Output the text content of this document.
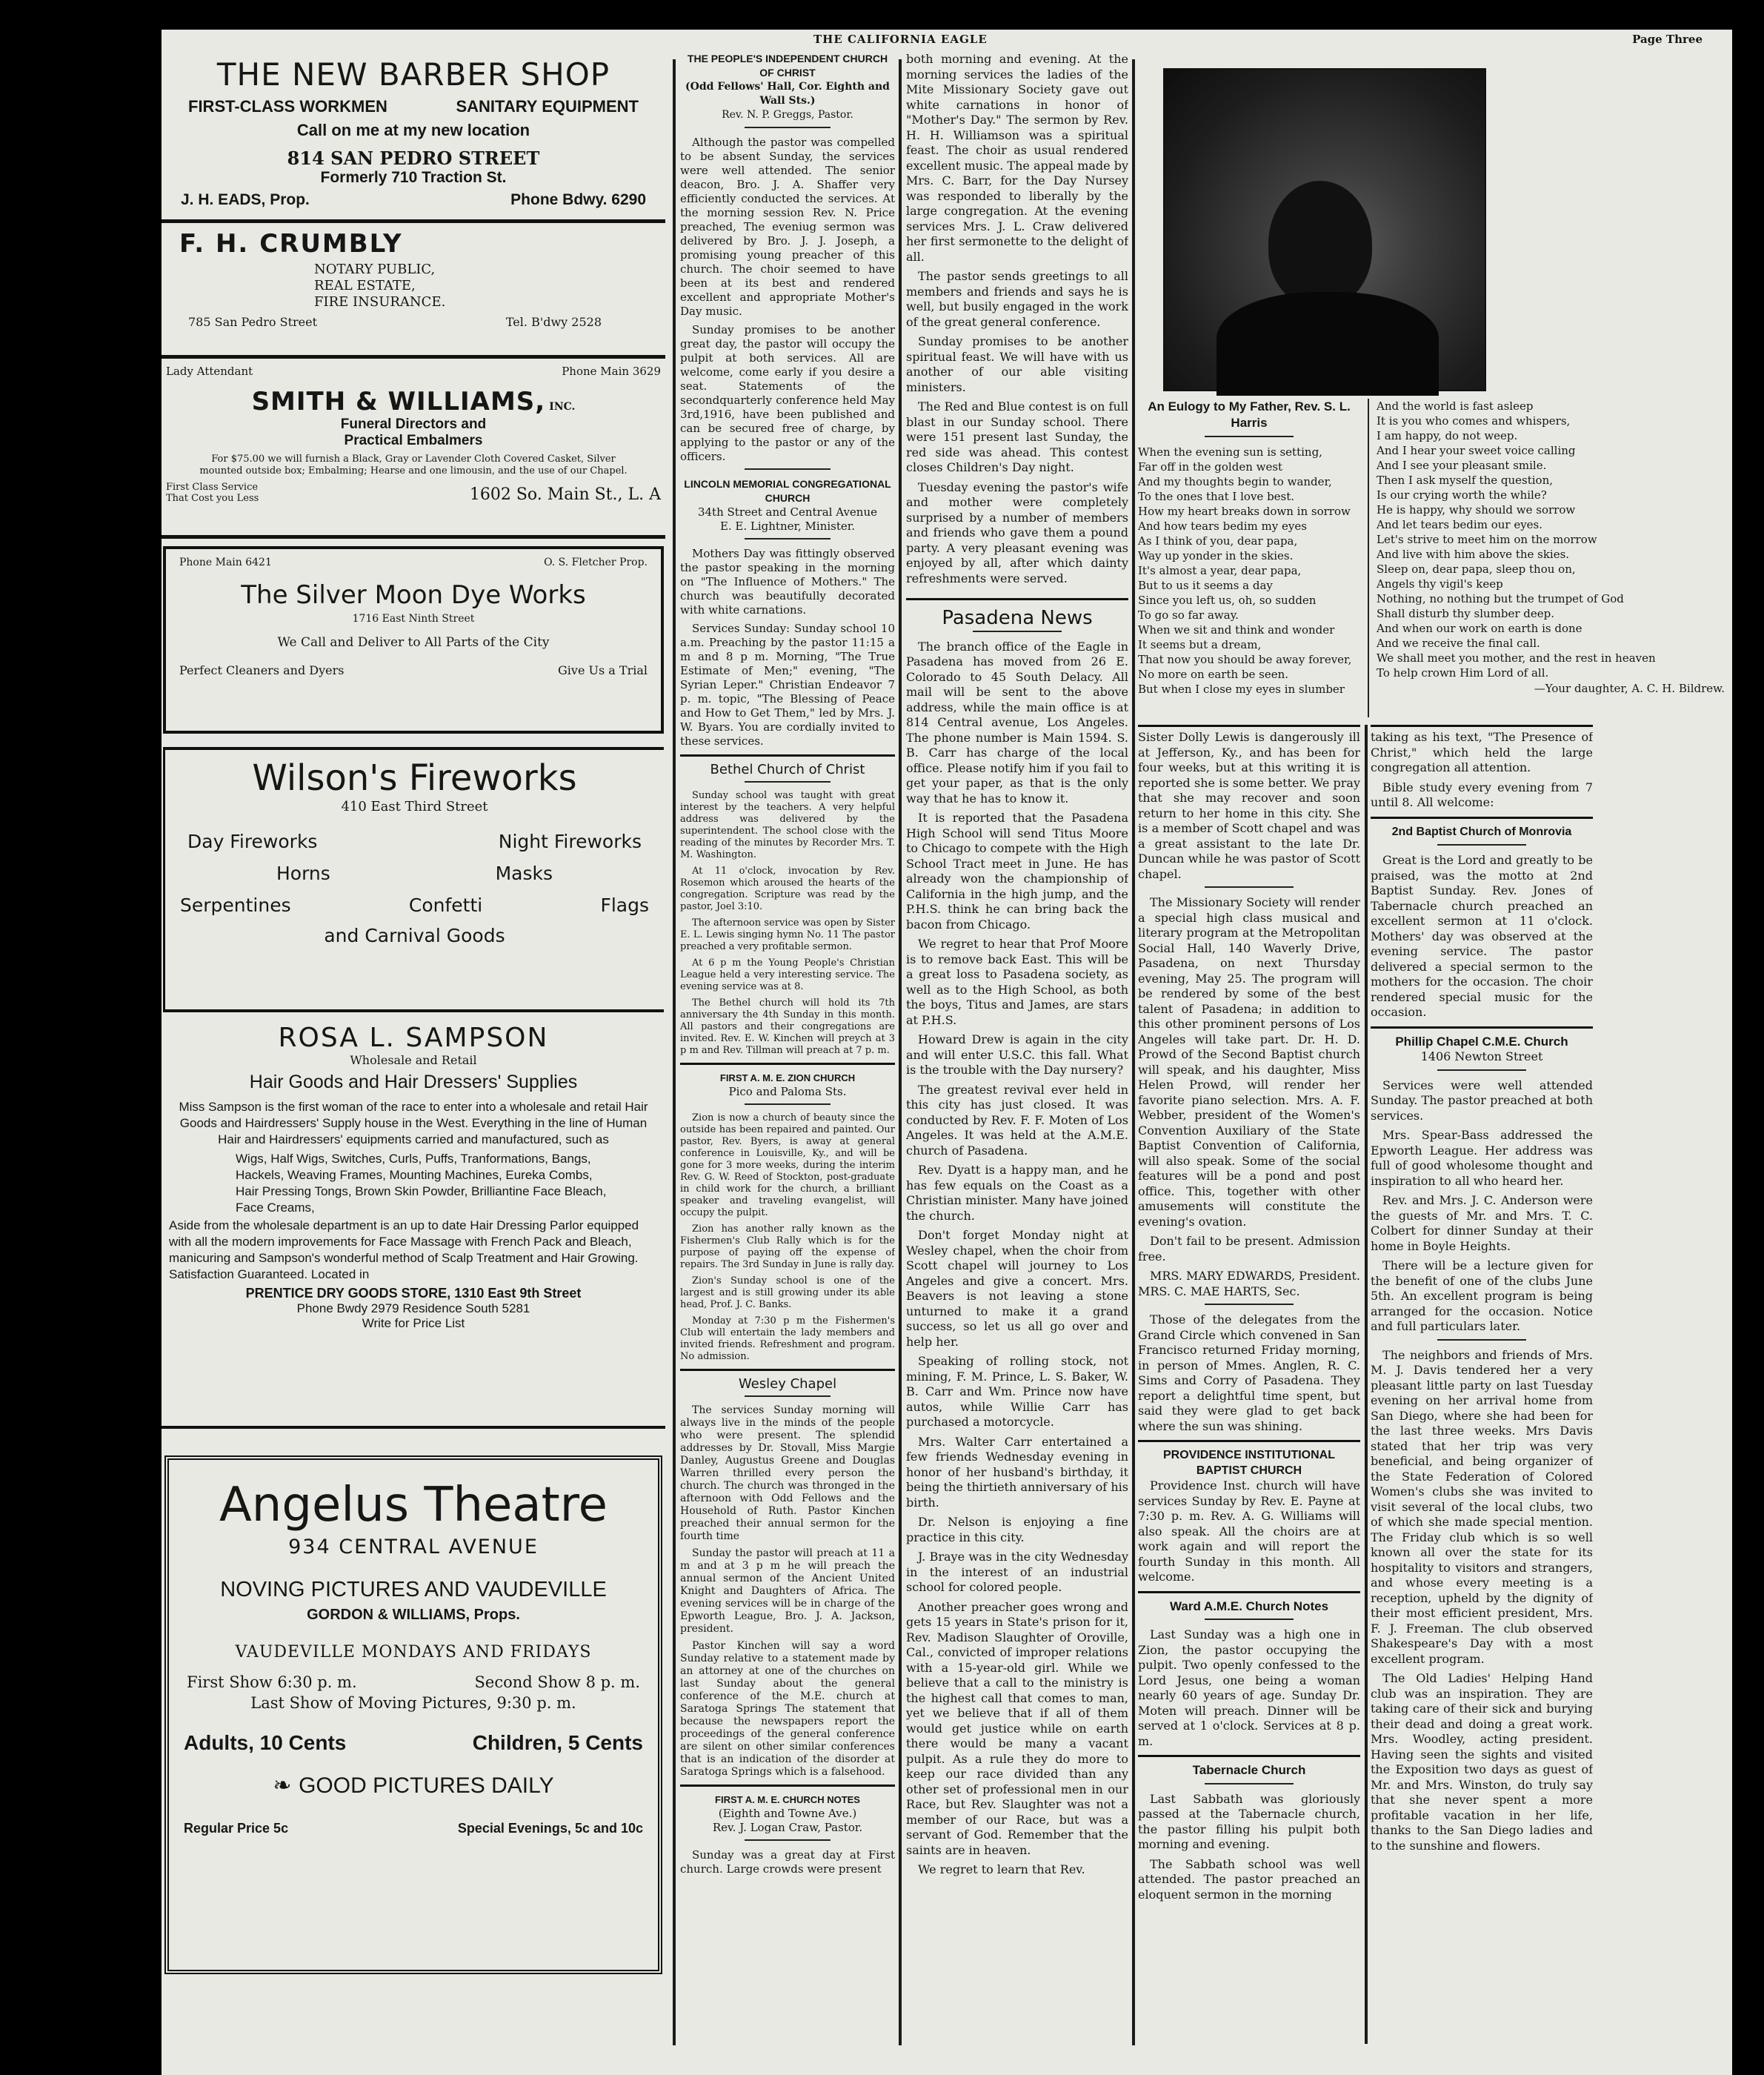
THE CALIFORNIA EAGLE	Page Three
THE NEW BARBER SHOP
FIRST-CLASS WORKMEN	SANITARY EQUIPMENT
Call on me at my new location
814 SAN PEDRO STREET
Formerly 710 Traction St.
J. H. EADS, Prop.	Phone Bdwy. 6290
F. H. CRUMBLY
NOTARY PUBLIC,
REAL ESTATE,
FIRE INSURANCE.
785 San Pedro Street	Tel. B'dwy 2528
Lady Attendant	Phone Main 3629
SMITH & WILLIAMS, INC.
Funeral Directors and
Practical Embalmers
For $75.00 we will furnish a Black, Gray or Lavender Cloth Covered Casket, Silver mounted outside box; Embalming; Hearse and one limousin, and the use of our Chapel.
First Class Service
That Cost you Less	1602 So. Main St., L. A
Phone Main 6421	O. S. Fletcher Prop.
The Silver Moon Dye Works
1716 East Ninth Street
We Call and Deliver to All Parts of the City
Perfect Cleaners and Dyers	Give Us a Trial
Wilson's Fireworks
410 East Third Street
Day Fireworks	Night Fireworks
Horns	Masks
Serpentines	Confetti	Flags
and Carnival Goods
ROSA L. SAMPSON
Wholesale and Retail
Hair Goods and Hair Dressers' Supplies
Miss Sampson is the first woman of the race to enter into a wholesale and retail Hair Goods and Hairdressers' Supply house in the West. Everything in the line of Human Hair and Hairdressers' equipments carried and manufactured, such as
Wigs, Half Wigs, Switches, Curls, Puffs, Tranformations, Bangs, Hackels, Weaving Frames, Mounting Machines, Eureka Combs, Hair Pressing Tongs, Brown Skin Powder, Brilliantine Face Bleach, Face Creams,
Aside from the wholesale department is an up to date Hair Dressing Parlor equipped with all the modern improvements for Face Massage with French Pack and Bleach, manicuring and Sampson's wonderful method of Scalp Treatment and Hair Growing. Satisfaction Guaranteed. Located in
PRENTICE DRY GOODS STORE, 1310 East 9th Street
Phone Bwdy 2979 Residence South 5281
Write for Price List
Angelus Theatre
934 CENTRAL AVENUE
NOVING PICTURES AND VAUDEVILLE
GORDON & WILLIAMS, Props.
VAUDEVILLE MONDAYS AND FRIDAYS
First Show 6:30 p. m.	Second Show 8 p. m.
Last Show of Moving Pictures, 9:30 p. m.
Adults, 10 Cents	Children, 5 Cents
❧ GOOD PICTURES DAILY
Regular Price 5c	Special Evenings, 5c and 10c
THE PEOPLE'S INDEPENDENT CHURCH OF CHRIST
(Odd Fellows' Hall, Cor. Eighth and Wall Sts.)
Rev. N. P. Greggs, Pastor.

Although the pastor was compelled to be absent Sunday, the services were well attended. The senior deacon, Bro. J. A. Shaffer very efficiently conducted the services. At the morning session Rev. N. Price preached, The eveniug sermon was delivered by Bro. J. J. Joseph, a promising young preacher of this church. The choir seemed to have been at its best and rendered excellent and appropriate Mother's Day music.

Sunday promises to be another great day, the pastor will occupy the pulpit at both services. All are welcome, come early if you desire a seat. Statements of the secondquarterly conference held May 3rd,1916, have been published and can be secured free of charge, by applying to the pastor or any of the officers.

LINCOLN MEMORIAL CONGREGATIONAL CHURCH
34th Street and Central Avenue
E. E. Lightner, Minister.

Mothers Day was fittingly observed the pastor speaking in the morning on "The Influence of Mothers." The church was beautifully decorated with white carnations.

Services Sunday: Sunday school 10 a.m. Preaching by the pastor 11:15 a m and 8 p m. Morning, "The True Estimate of Men;" evening, "The Syrian Leper." Christian Endeavor 7 p. m. topic, "The Blessing of Peace and How to Get Them," led by Mrs. J. W. Byars. You are cordially invited to these services.

Bethel Church of Christ

Sunday school was taught with great interest by the teachers. A very helpful address was delivered by the superintendent. The school close with the reading of the minutes by Recorder Mrs. T. M. Washington.

At 11 o'clock, invocation by Rev. Rosemon which aroused the hearts of the congregation. Scripture was read by the pastor, Joel 3:10.

The afternoon service was open by Sister E. L. Lewis singing hymn No. 11 The pastor preached a very profitable sermon.

At 6 p m the Young People's Christian League held a very interesting service. The evening service was at 8.

The Bethel church will hold its 7th anniversary the 4th Sunday in this month. All pastors and their congregations are invited. Rev. E. W. Kinchen will preych at 3 p m and Rev. Tillman will preach at 7 p. m.

FIRST A. M. E. ZION CHURCH
Pico and Paloma Sts.

Zion is now a church of beauty since the outside has been repaired and painted. Our pastor, Rev. Byers, is away at general conference in Louisville, Ky., and will be gone for 3 more weeks, during the interim Rev. G. W. Reed of Stockton, post-graduate in child work for the church, a brilliant speaker and traveling evangelist, will occupy the pulpit.

Zion has another rally known as the Fishermen's Club Rally which is for the purpose of paying off the expense of repairs. The 3rd Sunday in June is rally day.

Zion's Sunday school is one of the largest and is still growing under its able head, Prof. J. C. Banks.

Monday at 7:30 p m the Fishermen's Club will entertain the lady members and invited friends. Refreshment and program. No admission.

Wesley Chapel

The services Sunday morning will always live in the minds of the people who were present. The splendid addresses by Dr. Stovall, Miss Margie Danley, Augustus Greene and Douglas Warren thrilled every person the church. The church was thronged in the afternoon with Odd Fellows and the Household of Ruth. Pastor Kinchen preached their annual sermon for the fourth time

Sunday the pastor will preach at 11 a m and at 3 p m he will preach the annual sermon of the Ancient United Knight and Daughters of Africa. The evening services will be in charge of the Epworth League, Bro. J. A. Jackson, president.

Pastor Kinchen will say a word Sunday relative to a statement made by an attorney at one of the churches on last Sunday about the general conference of the M.E. church at Saratoga Springs The statement that because the newspapers report the proceedings of the general conference are silent on other similar conferences that is an indication of the disorder at Saratoga Springs which is a falsehood.

FIRST A. M. E. CHURCH NOTES
(Eighth and Towne Ave.)
Rev. J. Logan Craw, Pastor.

Sunday was a great day at First church. Large crowds were present

both morning and evening. At the morning services the ladies of the Mite Missionary Society gave out white carnations in honor of "Mother's Day." The sermon by Rev. H. H. Williamson was a spiritual feast. The choir as usual rendered excellent music. The appeal made by Mrs. C. Barr, for the Day Nursey was responded to liberally by the large congregation. At the evening services Mrs. J. L. Craw delivered her first sermonette to the delight of all.

The pastor sends greetings to all members and friends and says he is well, but busily engaged in the work of the great general conference.

Sunday promises to be another spiritual feast. We will have with us another of our able visiting ministers.

The Red and Blue contest is on full blast in our Sunday school. There were 151 present last Sunday, the red side was ahead. This contest closes Children's Day night.

Tuesday evening the pastor's wife and mother were completely surprised by a number of members and friends who gave them a pound party. A very pleasant evening was enjoyed by all, after which dainty refreshments were served.

Pasadena News

The branch office of the Eagle in Pasadena has moved from 26 E. Colorado to 45 South Delacy. All mail will be sent to the above address, while the main office is at 814 Central avenue, Los Angeles. The phone number is Main 1594. S. B. Carr has charge of the local office. Please notify him if you fail to get your paper, as that is the only way that he has to know it.

It is reported that the Pasadena High School will send Titus Moore to Chicago to compete with the High School Tract meet in June. He has already won the championship of California in the high jump, and the P.H.S. think he can bring back the bacon from Chicago.

We regret to hear that Prof Moore is to remove back East. This will be a great loss to Pasadena society, as well as to the High School, as both the boys, Titus and James, are stars at P.H.S.

Howard Drew is again in the city and will enter U.S.C. this fall. What is the trouble with the Day nursery?

The greatest revival ever held in this city has just closed. It was conducted by Rev. F. F. Moten of Los Angeles. It was held at the A.M.E. church of Pasadena.

Rev. Dyatt is a happy man, and he has few equals on the Coast as a Christian minister. Many have joined the church.

Don't forget Monday night at Wesley chapel, when the choir from Scott chapel will journey to Los Angeles and give a concert. Mrs. Beavers is not leaving a stone unturned to make it a grand success, so let us all go over and help her.

Speaking of rolling stock, not mining, F. M. Prince, L. S. Baker, W. B. Carr and Wm. Prince now have autos, while Willie Carr has purchased a motorcycle.

Mrs. Walter Carr entertained a few friends Wednesday evening in honor of her husband's birthday, it being the thirtieth anniversary of his birth.

Dr. Nelson is enjoying a fine practice in this city.

J. Braye was in the city Wednesday in the interest of an industrial school for colored people.

Another preacher goes wrong and gets 15 years in State's prison for it, Rev. Madison Slaughter of Oroville, Cal., convicted of improper relations with a 15-year-old girl. While we believe that a call to the ministry is the highest call that comes to man, yet we believe that if all of them would get justice while on earth there would be many a vacant pulpit. As a rule they do more to keep our race divided than any other set of professional men in our Race, but Rev. Slaughter was not a member of our Race, but was a servant of God. Remember that the saints are in heaven.

We regret to learn that Rev.

An Eulogy to My Father, Rev. S. L. Harris
When the evening sun is setting,
Far off in the golden west
And my thoughts begin to wander,
To the ones that I love best.
How my heart breaks down in sorrow
And how tears bedim my eyes
As I think of you, dear papa,
Way up yonder in the skies.
It's almost a year, dear papa,
But to us it seems a day
Since you left us, oh, so sudden
To go so far away.
When we sit and think and wonder
It seems but a dream,
That now you should be away forever,
No more on earth be seen.
But when I close my eyes in slumber
And the world is fast asleep
It is you who comes and whispers,
I am happy, do not weep.
And I hear your sweet voice calling
And I see your pleasant smile.
Then I ask myself the question,
Is our crying worth the while?
He is happy, why should we sorrow
And let tears bedim our eyes.
Let's strive to meet him on the morrow
And live with him above the skies.
Sleep on, dear papa, sleep thou on,
Angels thy vigil's keep
Nothing, no nothing but the trumpet of God
Shall disturb thy slumber deep.
And when our work on earth is done
And we receive the final call.
We shall meet you mother, and the rest in heaven
To help crown Him Lord of all.
—Your daughter, A. C. H. Bildrew.

Sister Dolly Lewis is dangerously ill at Jefferson, Ky., and has been for four weeks, but at this writing it is reported she is some better. We pray that she may recover and soon return to her home in this city. She is a member of Scott chapel and was a great assistant to the late Dr. Duncan while he was pastor of Scott chapel.

The Missionary Society will render a special high class musical and literary program at the Metropolitan Social Hall, 140 Waverly Drive, Pasadena, on next Thursday evening, May 25. The program will be rendered by some of the best talent of Pasadena; in addition to this other prominent persons of Los Angeles will take part. Dr. H. D. Prowd of the Second Baptist church will speak, and his daughter, Miss Helen Prowd, will render her favorite piano selection. Mrs. A. F. Webber, president of the Women's Convention Auxiliary of the State Baptist Convention of California, will also speak. Some of the social features will be a pond and post office. This, together with other amusements will constitute the evening's ovation.

Don't fail to be present. Admission free.

MRS. MARY EDWARDS, President.
MRS. C. MAE HARTS, Sec.

Those of the delegates from the Grand Circle which convened in San Francisco returned Friday morning, in person of Mmes. Anglen, R. C. Sims and Corry of Pasadena. They report a delightful time spent, but said they were glad to get back where the sun was shining.

PROVIDENCE INSTITUTIONAL BAPTIST CHURCH

Providence Inst. church will have services Sunday by Rev. E. Payne at 7:30 p. m. Rev. A. G. Williams will also speak. All the choirs are at work again and will report the fourth Sunday in this month. All welcome.

Ward A.M.E. Church Notes

Last Sunday was a high one in Zion, the pastor occupying the pulpit. Two openly confessed to the Lord Jesus, one being a woman nearly 60 years of age. Sunday Dr. Moten will preach. Dinner will be served at 1 o'clock. Services at 8 p. m.

Tabernacle Church

Last Sabbath was gloriously passed at the Tabernacle church, the pastor filling his pulpit both morning and evening.

The Sabbath school was well attended. The pastor preached an eloquent sermon in the morning

taking as his text, "The Presence of Christ," which held the large congregation all attention.

Bible study every evening from 7 until 8. All welcome:

2nd Baptist Church of Monrovia

Great is the Lord and greatly to be praised, was the motto at 2nd Baptist Sunday. Rev. Jones of Tabernacle church preached an excellent sermon at 11 o'clock. Mothers' day was observed at the evening service. The pastor delivered a special sermon to the mothers for the occasion. The choir rendered special music for the occasion.

Phillip Chapel C.M.E. Church
1406 Newton Street

Services were well attended Sunday. The pastor preached at both services.

Mrs. Spear-Bass addressed the Epworth League. Her address was full of good wholesome thought and inspiration to all who heard her.

Rev. and Mrs. J. C. Anderson were the guests of Mr. and Mrs. T. C. Colbert for dinner Sunday at their home in Boyle Heights.

There will be a lecture given for the benefit of one of the clubs June 5th. An excellent program is being arranged for the occasion. Notice and full particulars later.

The neighbors and friends of Mrs. M. J. Davis tendered her a very pleasant little party on last Tuesday evening on her arrival home from San Diego, where she had been for the last three weeks. Mrs Davis stated that her trip was very beneficial, and being organizer of the State Federation of Colored Women's clubs she was invited to visit several of the local clubs, two of which she made special mention. The Friday club which is so well known all over the state for its hospitality to visitors and strangers, and whose every meeting is a reception, upheld by the dignity of their most efficient president, Mrs. F. J. Freeman. The club observed Shakespeare's Day with a most excellent program.

The Old Ladies' Helping Hand club was an inspiration. They are taking care of their sick and burying their dead and doing a great work. Mrs. Woodley, acting president. Having seen the sights and visited the Exposition two days as guest of Mr. and Mrs. Winston, do truly say that she never spent a more profitable vacation in her life, thanks to the San Diego ladies and to the sunshine and flowers.
